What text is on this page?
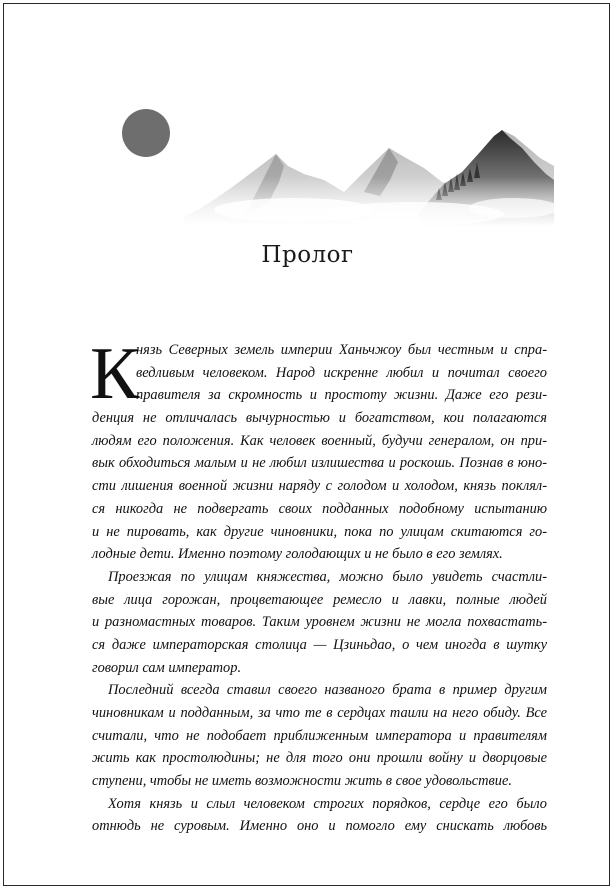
Пролог
К
нязь Северных земель империи Ханьчжоу был честным и спра-
ведливым человеком. Народ искренне любил и почитал своего
правителя за скромность и простоту жизни. Даже его рези-
денция не отличалась вычурностью и богатством, кои полагаются
людям его положения. Как человек военный, будучи генералом, он при-
вык обходиться малым и не любил излишества и роскошь. Познав в юно-
сти лишения военной жизни наряду с голодом и холодом, князь поклял-
ся никогда не подвергать своих подданных подобному испытанию
и не пировать, как другие чиновники, пока по улицам скитаются го-
лодные дети. Именно поэтому голодающих и не было в его землях.
Проезжая по улицам княжества, можно было увидеть счастли-
вые лица горожан, процветающее ремесло и лавки, полные людей
и разномастных товаров. Таким уровнем жизни не могла похвастать-
ся даже императорская столица — Цзиньдао, о чем иногда в шутку
говорил сам император.
Последний всегда ставил своего названого брата в пример другим
чиновникам и подданным, за что те в сердцах таили на него обиду. Все
считали, что не подобает приближенным императора и правителям
жить как простолюдины; не для того они прошли войну и дворцовые
ступени, чтобы не иметь возможности жить в свое удовольствие.
Хотя князь и слыл человеком строгих порядков, сердце его было
отнюдь не суровым. Именно оно и помогло ему снискать любовь
